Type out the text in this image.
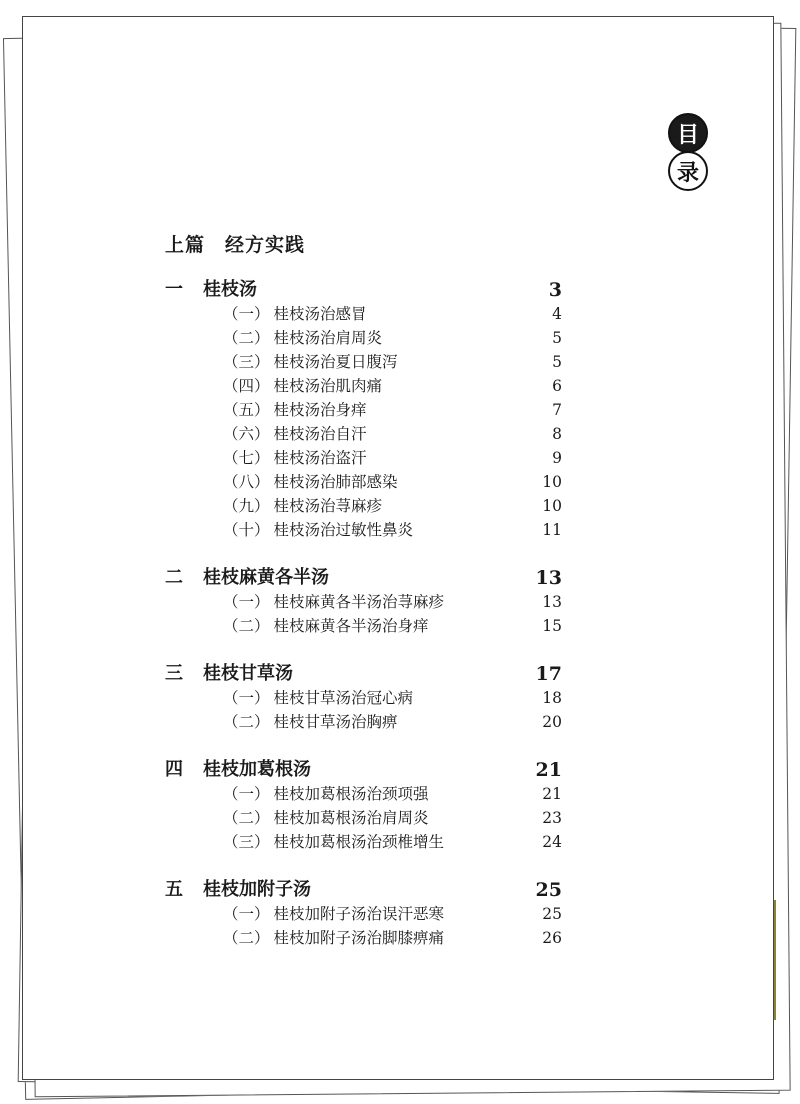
目
录
上篇　经方实践
一	桂枝汤	3
（一） 桂枝汤治感冒	4
（二） 桂枝汤治肩周炎	5
（三） 桂枝汤治夏日腹泻	5
（四） 桂枝汤治肌肉痛	6
（五） 桂枝汤治身痒	7
（六） 桂枝汤治自汗	8
（七） 桂枝汤治盗汗	9
（八） 桂枝汤治肺部感染	10
（九） 桂枝汤治荨麻疹	10
（十） 桂枝汤治过敏性鼻炎	11
二	桂枝麻黄各半汤	13
（一） 桂枝麻黄各半汤治荨麻疹	13
（二） 桂枝麻黄各半汤治身痒	15
三	桂枝甘草汤	17
（一） 桂枝甘草汤治冠心病	18
（二） 桂枝甘草汤治胸痹	20
四	桂枝加葛根汤	21
（一） 桂枝加葛根汤治颈项强	21
（二） 桂枝加葛根汤治肩周炎	23
（三） 桂枝加葛根汤治颈椎增生	24
五	桂枝加附子汤	25
（一） 桂枝加附子汤治误汗恶寒	25
（二） 桂枝加附子汤治脚膝痹痛	26
